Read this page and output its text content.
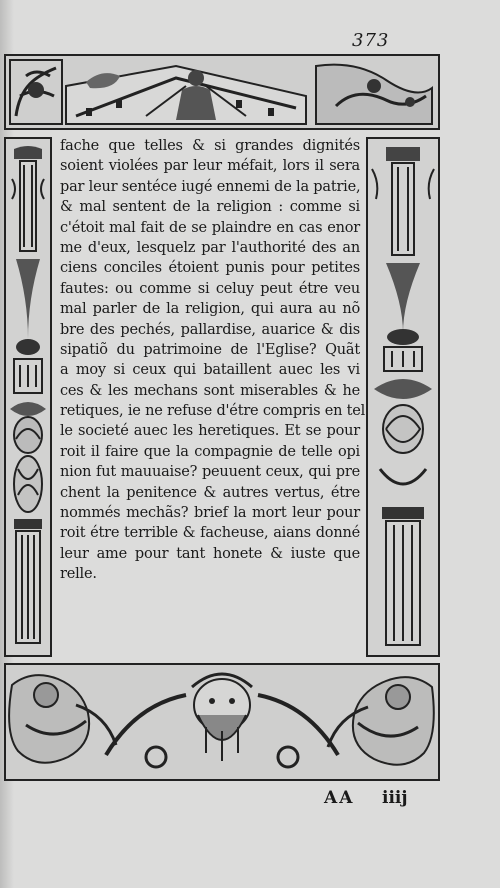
373
fache que telles & si grandes dignités
soient violées par leur méfait, lors il sera
par leur sentéce iugé ennemi de la patrie,
& mal sentent de la religion : comme si
c'étoit mal fait de se plaindre en cas enor
me d'eux, lesquelz par l'authorité des an
ciens conciles étoient punis pour petites
fautes: ou comme si celuy peut étre veu
mal parler de la religion, qui aura au nõ
bre des pechés, pallardise, auarice & dis
sipatiõ du patrimoine de l'Eglise? Quãt
a moy si ceux qui bataillent auec les vi
ces & les mechans sont miserables & he
retiques, ie ne refuse d'étre compris en tel
le societé auec les heretiques. Et se pour
roit il faire que la compagnie de telle opi
nion fut mauuaise? peuuent ceux, qui pre
chent la penitence & autres vertus, étre
nommés mechãs? brief la mort leur pour
roit étre terrible & facheuse, aians donné
leur ame pour tant honete & iuste que
relle.
AA iiij
